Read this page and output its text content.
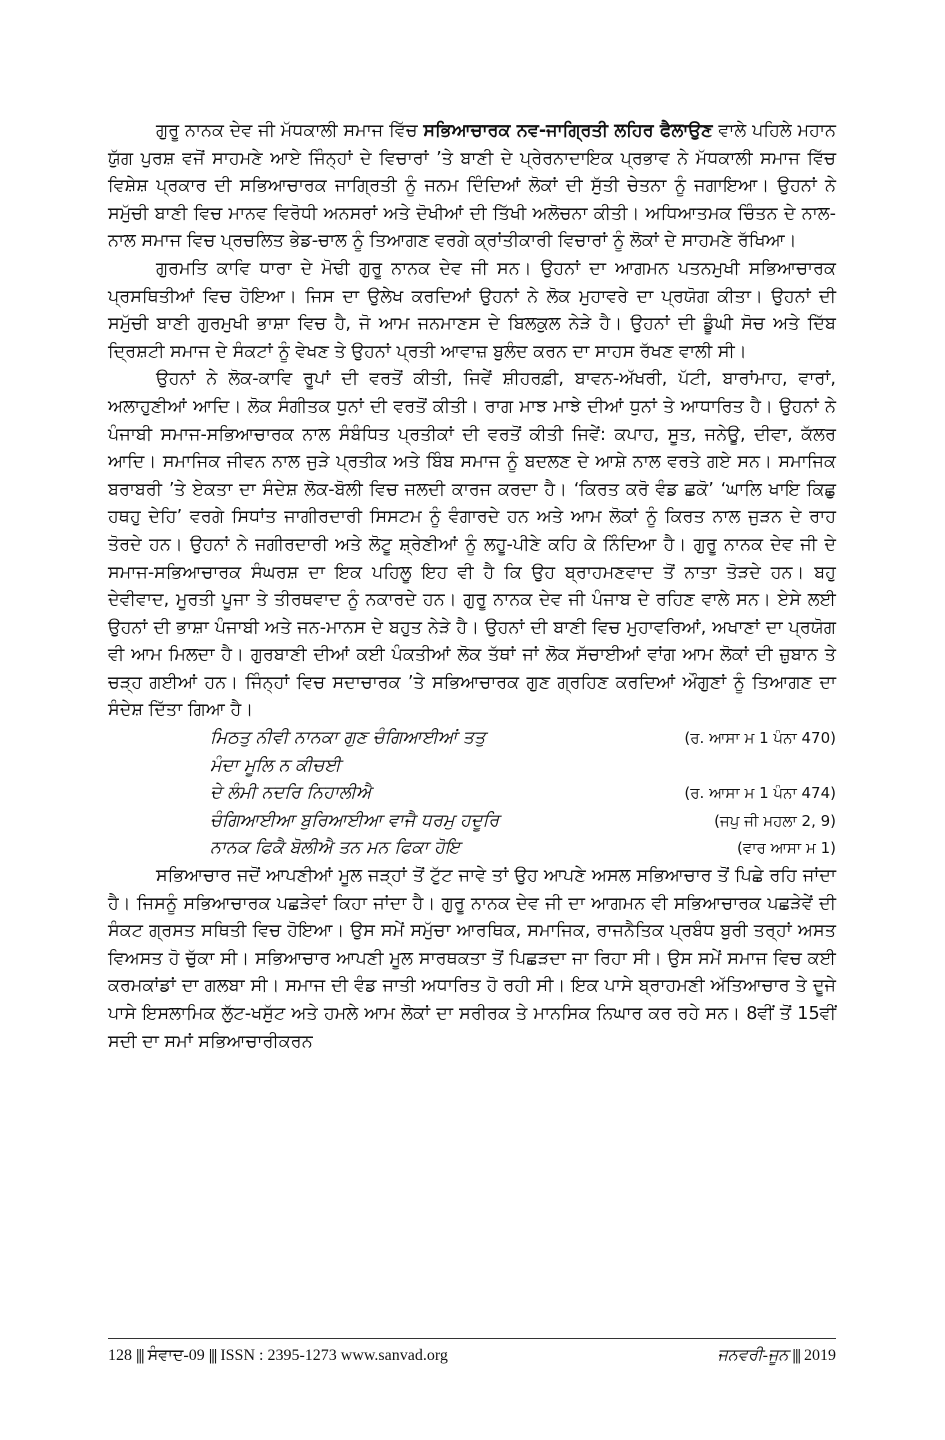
ਗੁਰੂ ਨਾਨਕ ਦੇਵ ਜੀ ਮੱਧਕਾਲੀ ਸਮਾਜ ਵਿੱਚ ਸਭਿਆਚਾਰਕ ਨਵ-ਜਾਗ੍ਰਿਤੀ ਲਹਿਰ ਫੈਲਾਉਣ ਵਾਲੇ ਪਹਿਲੇ ਮਹਾਨ ਯੁੱਗ ਪੁਰਸ਼ ਵਜੋਂ ਸਾਹਮਣੇ ਆਏ ਜਿੰਨ੍ਹਾਂ ਦੇ ਵਿਚਾਰਾਂ ’ਤੇ ਬਾਣੀ ਦੇ ਪ੍ਰੇਰਨਾਦਾਇਕ ਪ੍ਰਭਾਵ ਨੇ ਮੱਧਕਾਲੀ ਸਮਾਜ ਵਿੱਚ ਵਿਸ਼ੇਸ਼ ਪ੍ਰਕਾਰ ਦੀ ਸਭਿਆਚਾਰਕ ਜਾਗ੍ਰਿਤੀ ਨੂੰ ਜਨਮ ਦਿੰਦਿਆਂ ਲੋਕਾਂ ਦੀ ਸੁੱਤੀ ਚੇਤਨਾ ਨੂੰ ਜਗਾਇਆ। ਉਹਨਾਂ ਨੇ ਸਮੁੱਚੀ ਬਾਣੀ ਵਿਚ ਮਾਨਵ ਵਿਰੋਧੀ ਅਨਸਰਾਂ ਅਤੇ ਦੋਖੀਆਂ ਦੀ ਤਿੱਖੀ ਅਲੋਚਨਾ ਕੀਤੀ। ਅਧਿਆਤਮਕ ਚਿੰਤਨ ਦੇ ਨਾਲ-ਨਾਲ ਸਮਾਜ ਵਿਚ ਪ੍ਰਚਲਿਤ ਭੇਡ-ਚਾਲ ਨੂੰ ਤਿਆਗਣ ਵਰਗੇ ਕ੍ਰਾਂਤੀਕਾਰੀ ਵਿਚਾਰਾਂ ਨੂੰ ਲੋਕਾਂ ਦੇ ਸਾਹਮਣੇ ਰੱਖਿਆ।

ਗੁਰਮਤਿ ਕਾਵਿ ਧਾਰਾ ਦੇ ਮੋਢੀ ਗੁਰੂ ਨਾਨਕ ਦੇਵ ਜੀ ਸਨ। ਉਹਨਾਂ ਦਾ ਆਗਮਨ ਪਤਨਮੁਖੀ ਸਭਿਆਚਾਰਕ ਪ੍ਰਸਥਿਤੀਆਂ ਵਿਚ ਹੋਇਆ। ਜਿਸ ਦਾ ਉਲੇਖ ਕਰਦਿਆਂ ਉਹਨਾਂ ਨੇ ਲੋਕ ਮੁਹਾਵਰੇ ਦਾ ਪ੍ਰਯੋਗ ਕੀਤਾ। ਉਹਨਾਂ ਦੀ ਸਮੁੱਚੀ ਬਾਣੀ ਗੁਰਮੁਖੀ ਭਾਸ਼ਾ ਵਿਚ ਹੈ, ਜੋ ਆਮ ਜਨਮਾਣਸ ਦੇ ਬਿਲਕੁਲ ਨੇੜੇ ਹੈ। ਉਹਨਾਂ ਦੀ ਡੂੰਘੀ ਸੋਚ ਅਤੇ ਦਿੱਬ ਦ੍ਰਿਸ਼ਟੀ ਸਮਾਜ ਦੇ ਸੰਕਟਾਂ ਨੂੰ ਵੇਖਣ ਤੇ ਉਹਨਾਂ ਪ੍ਰਤੀ ਆਵਾਜ਼ ਬੁਲੰਦ ਕਰਨ ਦਾ ਸਾਹਸ ਰੱਖਣ ਵਾਲੀ ਸੀ।

ਉਹਨਾਂ ਨੇ ਲੋਕ-ਕਾਵਿ ਰੂਪਾਂ ਦੀ ਵਰਤੋਂ ਕੀਤੀ, ਜਿਵੇਂ ਸ਼ੀਹਰਫ਼ੀ, ਬਾਵਨ-ਅੱਖਰੀ, ਪੱਟੀ, ਬਾਰਾਂਮਾਹ, ਵਾਰਾਂ, ਅਲਾਹੁਣੀਆਂ ਆਦਿ। ਲੋਕ ਸੰਗੀਤਕ ਧੁਨਾਂ ਦੀ ਵਰਤੋਂ ਕੀਤੀ। ਰਾਗ ਮਾਝ ਮਾਝੇ ਦੀਆਂ ਧੁਨਾਂ ਤੇ ਆਧਾਰਿਤ ਹੈ। ਉਹਨਾਂ ਨੇ ਪੰਜਾਬੀ ਸਮਾਜ-ਸਭਿਆਚਾਰਕ ਨਾਲ ਸੰਬੰਧਿਤ ਪ੍ਰਤੀਕਾਂ ਦੀ ਵਰਤੋਂ ਕੀਤੀ ਜਿਵੇਂ: ਕਪਾਹ, ਸੂਤ, ਜਨੇਊ, ਦੀਵਾ, ਕੱਲਰ ਆਦਿ। ਸਮਾਜਿਕ ਜੀਵਨ ਨਾਲ ਜੁੜੇ ਪ੍ਰਤੀਕ ਅਤੇ ਬਿੰਬ ਸਮਾਜ ਨੂੰ ਬਦਲਣ ਦੇ ਆਸ਼ੇ ਨਾਲ ਵਰਤੇ ਗਏ ਸਨ। ਸਮਾਜਿਕ ਬਰਾਬਰੀ ’ਤੇ ਏਕਤਾ ਦਾ ਸੰਦੇਸ਼ ਲੋਕ-ਬੋਲੀ ਵਿਚ ਜਲਦੀ ਕਾਰਜ ਕਰਦਾ ਹੈ। ‘ਕਿਰਤ ਕਰੋ ਵੰਡ ਛਕੋ’ ‘ਘਾਲਿ ਖਾਇ ਕਿਛੁ ਹਥਹੁ ਦੇਹਿ’ ਵਰਗੇ ਸਿਧਾਂਤ ਜਾਗੀਰਦਾਰੀ ਸਿਸਟਮ ਨੂੰ ਵੰਗਾਰਦੇ ਹਨ ਅਤੇ ਆਮ ਲੋਕਾਂ ਨੂੰ ਕਿਰਤ ਨਾਲ ਜੁੜਨ ਦੇ ਰਾਹ ਤੋਰਦੇ ਹਨ। ਉਹਨਾਂ ਨੇ ਜਗੀਰਦਾਰੀ ਅਤੇ ਲੋਟੂ ਸ਼੍ਰੇਣੀਆਂ ਨੂੰ ਲਹੂ-ਪੀਣੇ ਕਹਿ ਕੇ ਨਿੰਦਿਆ ਹੈ। ਗੁਰੂ ਨਾਨਕ ਦੇਵ ਜੀ ਦੇ ਸਮਾਜ-ਸਭਿਆਚਾਰਕ ਸੰਘਰਸ਼ ਦਾ ਇਕ ਪਹਿਲੂ ਇਹ ਵੀ ਹੈ ਕਿ ਉਹ ਬ੍ਰਾਹਮਣਵਾਦ ਤੋਂ ਨਾਤਾ ਤੋੜਦੇ ਹਨ। ਬਹੁ ਦੇਵੀਵਾਦ, ਮੂਰਤੀ ਪੂਜਾ ਤੇ ਤੀਰਥਵਾਦ ਨੂੰ ਨਕਾਰਦੇ ਹਨ। ਗੁਰੂ ਨਾਨਕ ਦੇਵ ਜੀ ਪੰਜਾਬ ਦੇ ਰਹਿਣ ਵਾਲੇ ਸਨ। ਏਸੇ ਲਈ ਉਹਨਾਂ ਦੀ ਭਾਸ਼ਾ ਪੰਜਾਬੀ ਅਤੇ ਜਨ-ਮਾਨਸ ਦੇ ਬਹੁਤ ਨੇੜੇ ਹੈ। ਉਹਨਾਂ ਦੀ ਬਾਣੀ ਵਿਚ ਮੁਹਾਵਰਿਆਂ, ਅਖਾਣਾਂ ਦਾ ਪ੍ਰਯੋਗ ਵੀ ਆਮ ਮਿਲਦਾ ਹੈ। ਗੁਰਬਾਣੀ ਦੀਆਂ ਕਈ ਪੰਕਤੀਆਂ ਲੋਕ ਤੱਥਾਂ ਜਾਂ ਲੋਕ ਸੱਚਾਈਆਂ ਵਾਂਗ ਆਮ ਲੋਕਾਂ ਦੀ ਜ਼ੁਬਾਨ ਤੇ ਚੜ੍ਹ ਗਈਆਂ ਹਨ। ਜਿੰਨ੍ਹਾਂ ਵਿਚ ਸਦਾਚਾਰਕ ’ਤੇ ਸਭਿਆਚਾਰਕ ਗੁਣ ਗ੍ਰਹਿਣ ਕਰਦਿਆਂ ਔਗੁਣਾਂ ਨੂੰ ਤਿਆਗਣ ਦਾ ਸੰਦੇਸ਼ ਦਿੱਤਾ ਗਿਆ ਹੈ।

ਮਿਠਤੁ ਨੀਵੀ ਨਾਨਕਾ ਗੁਣ ਚੰਗਿਆਈਆਂ ਤਤੁ	(ਰ. ਆਸਾ ਮ 1 ਪੰਨਾ 470)
ਮੰਦਾ ਮੂਲਿ ਨ ਕੀਚਈ
ਦੇ ਲੰਮੀ ਨਦਰਿ ਨਿਹਾਲੀਐ	(ਰ. ਆਸਾ ਮ 1 ਪੰਨਾ 474)
ਚੰਗਿਆਈਆ ਬੁਰਿਆਈਆ ਵਾਜੈ ਧਰਮੁ ਹਦੂਰਿ	(ਜਪੁ ਜੀ ਮਹਲਾ 2, 9)
ਨਾਨਕ ਫਿਕੈ ਬੋਲੀਐ ਤਨ ਮਨ ਫਿਕਾ ਹੋਇ	(ਵਾਰ ਆਸਾ ਮ 1)

ਸਭਿਆਚਾਰ ਜਦੋਂ ਆਪਣੀਆਂ ਮੂਲ ਜੜ੍ਹਾਂ ਤੋਂ ਟੁੱਟ ਜਾਵੇ ਤਾਂ ਉਹ ਆਪਣੇ ਅਸਲ ਸਭਿਆਚਾਰ ਤੋਂ ਪਿਛੇ ਰਹਿ ਜਾਂਦਾ ਹੈ। ਜਿਸਨੂੰ ਸਭਿਆਚਾਰਕ ਪਛੜੇਵਾਂ ਕਿਹਾ ਜਾਂਦਾ ਹੈ। ਗੁਰੂ ਨਾਨਕ ਦੇਵ ਜੀ ਦਾ ਆਗਮਨ ਵੀ ਸਭਿਆਚਾਰਕ ਪਛੜੇਵੇਂ ਦੀ ਸੰਕਟ ਗ੍ਰਸਤ ਸਥਿਤੀ ਵਿਚ ਹੋਇਆ। ਉਸ ਸਮੇਂ ਸਮੁੱਚਾ ਆਰਥਿਕ, ਸਮਾਜਿਕ, ਰਾਜਨੈਤਿਕ ਪ੍ਰਬੰਧ ਬੁਰੀ ਤਰ੍ਹਾਂ ਅਸਤ ਵਿਅਸਤ ਹੋ ਚੁੱਕਾ ਸੀ। ਸਭਿਆਚਾਰ ਆਪਣੀ ਮੂਲ ਸਾਰਥਕਤਾ ਤੋਂ ਪਿਛੜਦਾ ਜਾ ਰਿਹਾ ਸੀ। ਉਸ ਸਮੇਂ ਸਮਾਜ ਵਿਚ ਕਈ ਕਰਮਕਾਂਡਾਂ ਦਾ ਗਲਬਾ ਸੀ। ਸਮਾਜ ਦੀ ਵੰਡ ਜਾਤੀ ਅਧਾਰਿਤ ਹੋ ਰਹੀ ਸੀ। ਇਕ ਪਾਸੇ ਬ੍ਰਾਹਮਣੀ ਅੱਤਿਆਚਾਰ ਤੇ ਦੂਜੇ ਪਾਸੇ ਇਸਲਾਮਿਕ ਲੁੱਟ-ਖਸੁੱਟ ਅਤੇ ਹਮਲੇ ਆਮ ਲੋਕਾਂ ਦਾ ਸਰੀਰਕ ਤੇ ਮਾਨਸਿਕ ਨਿਘਾਰ ਕਰ ਰਹੇ ਸਨ। 8ਵੀਂ ਤੋਂ 15ਵੀਂ ਸਦੀ ਦਾ ਸਮਾਂ ਸਭਿਆਚਾਰੀਕਰਨ

128 ||| ਸੰਵਾਦ-09 ||| ISSN : 2395-1273 www.sanvad.org	ਜਨਵਰੀ-ਜੂਨ ||| 2019
